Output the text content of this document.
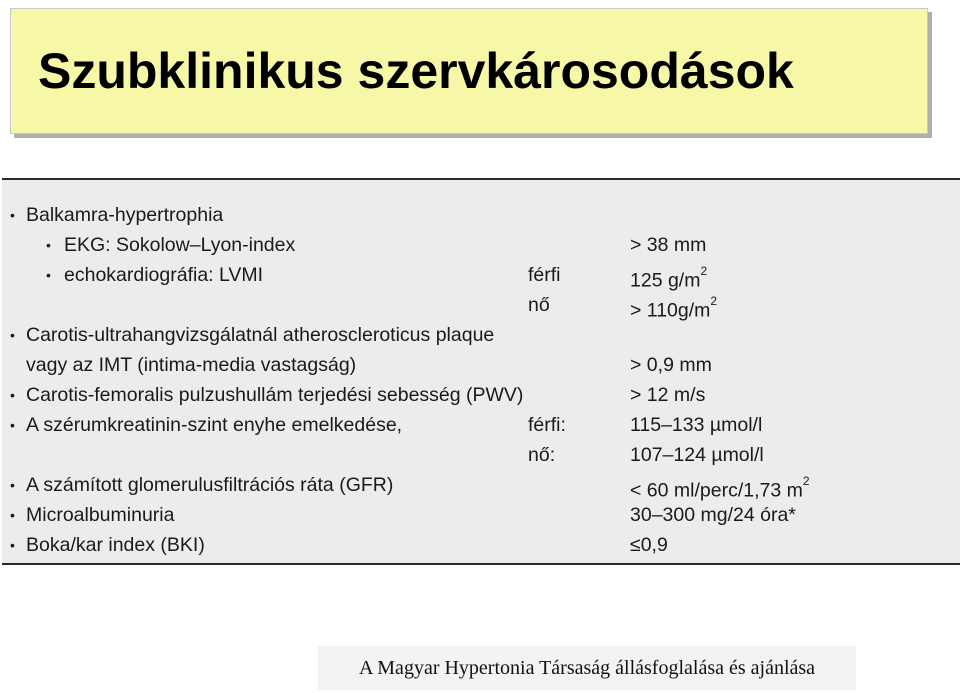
Szubklinikus szervkárosodások
• Balkamra-hypertrophia
• EKG: Sokolow–Lyon-index	> 38 mm
• echokardiográfia: LVMI	férfi	125 $g/m^2$
nő	> $110g/m^2$
• Carotis-ultrahangvizsgálatnál atheroscleroticus plaque
vagy az IMT (intima-media vastagság)	> 0,9 mm
• Carotis-femoralis pulzushullám terjedési sebesség (PWV)	> 12 m/s
• A szérumkreatinin-szint enyhe emelkedése,	férfi:	115–133 µmol/l
nő:	107–124 µmol/l
• A számított glomerulusfiltrációs ráta (GFR)	< 60 ml/perc/1,73 $m^2$
• Microalbuminuria	30–300 mg/24 óra*
• Boka/kar index (BKI)	≤0,9
A Magyar Hypertonia Társaság állásfoglalása és ajánlása
